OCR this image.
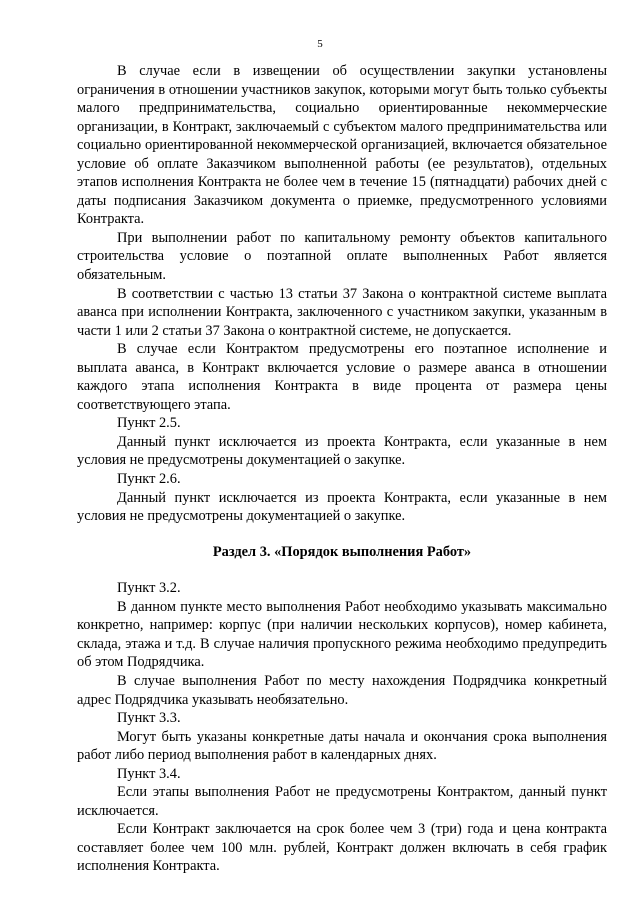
5

В случае если в извещении об осуществлении закупки установлены ограничения в отношении участников закупок, которыми могут быть только субъекты малого предпринимательства, социально ориентированные некоммерческие организации, в Контракт, заключаемый с субъектом малого предпринимательства или социально ориентированной некоммерческой организацией, включается обязательное условие об оплате Заказчиком выполненной работы (ее результатов), отдельных этапов исполнения Контракта не более чем в течение 15 (пятнадцати) рабочих дней с даты подписания Заказчиком документа о приемке, предусмотренного условиями Контракта.

При выполнении работ по капитальному ремонту объектов капитального строительства условие о поэтапной оплате выполненных Работ является обязательным.

В соответствии с частью 13 статьи 37 Закона о контрактной системе выплата аванса при исполнении Контракта, заключенного с участником закупки, указанным в части 1 или 2 статьи 37 Закона о контрактной системе, не допускается.

В случае если Контрактом предусмотрены его поэтапное исполнение и выплата аванса, в Контракт включается условие о размере аванса в отношении каждого этапа исполнения Контракта в виде процента от размера цены соответствующего этапа.

Пункт 2.5.

Данный пункт исключается из проекта Контракта, если указанные в нем условия не предусмотрены документацией о закупке.

Пункт 2.6.

Данный пункт исключается из проекта Контракта, если указанные в нем условия не предусмотрены документацией о закупке.

Раздел 3. «Порядок выполнения Работ»

Пункт 3.2.

В данном пункте место выполнения Работ необходимо указывать максимально конкретно, например: корпус (при наличии нескольких корпусов), номер кабинета, склада, этажа и т.д. В случае наличия пропускного режима необходимо предупредить об этом Подрядчика.

В случае выполнения Работ по месту нахождения Подрядчика конкретный адрес Подрядчика указывать необязательно.

Пункт 3.3.

Могут быть указаны конкретные даты начала и окончания срока выполнения работ либо период выполнения работ в календарных днях.

Пункт 3.4.

Если этапы выполнения Работ не предусмотрены Контрактом, данный пункт исключается.

Если Контракт заключается на срок более чем 3 (три) года и цена контракта составляет более чем 100 млн. рублей, Контракт должен включать в себя график исполнения Контракта.
